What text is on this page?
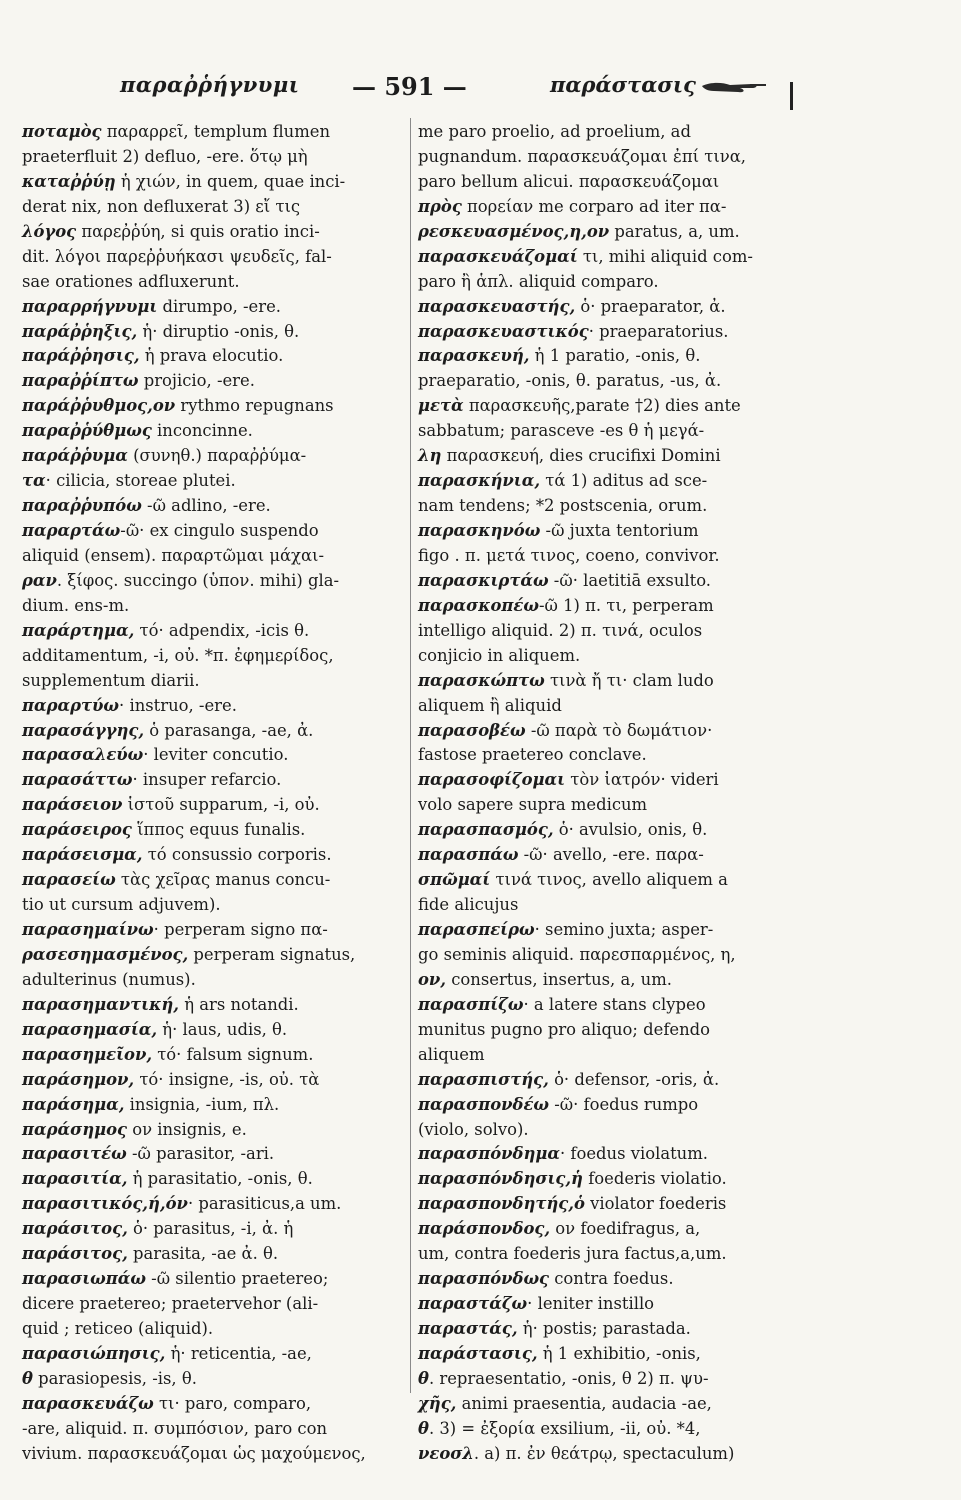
παραῤῥήγνυμι — 591 —	παράστασις
ποταμὸς παραρρεῖ, templum flumen
praeterfluit 2) defluo, -ere. ὅτῳ μὴ
καταῤῥύῃ ἡ χιών, in quem, quae inci-
derat nix, non defluxerat 3) εἴ τις
λόγος παρεῤῥύη, si quis oratio inci-
dit. λόγοι παρεῤῥυήκασι ψευδεῖς, fal-
sae orationes adfluxerunt.
παραρρήγνυμι dirumpo, -ere.
παράῤῥηξις, ἡ· diruptio -onis, θ.
παράῤῥησις, ἡ prava elocutio.
παραῤῥίπτω projicio, -ere.
παράῤῥυθμος,ον rythmo repugnans
παραῤῥύθμως inconcinne.
παράῤῥυμα (συνηθ.) παραῤῥύμα-
τα· cilicia, storeae plutei.
παραῤῥυπόω -ῶ adlino, -ere.
παραρτάω-ῶ· ex cingulo suspendo
aliquid (ensem). παραρτῶμαι μάχαι-
ραν. ξίφος. succingo (ὑπον. mihi) gla-
dium. ens-m.
παράρτημα, τό· adpendix, -icis θ.
additamentum, -i, οὐ. *π. ἐφημερίδος,
supplementum diarii.
παραρτύω· instruo, -ere.
παρασάγγης, ὁ parasanga, -ae, ἀ.
παρασαλεύω· leviter concutio.
παρασάττω· insuper refarcio.
παράσειον ἱστοῦ supparum, -i, οὐ.
παράσειρος ἵππος equus funalis.
παράσεισμα, τό consussio corporis.
παρασείω τὰς χεῖρας manus concu-
tio ut cursum adjuvem).
παρασημαίνω· perperam signo πα-
ρασεσημασμένος, perperam signatus,
adulterinus (numus).
παρασημαντική, ἡ ars notandi.
παρασημασία, ἡ· laus, udis, θ.
παρασημεῖον, τό· falsum signum.
παράσημον, τό· insigne, -is, οὐ. τὰ
παράσημα, insignia, -ium, πλ.
παράσημος ον insignis, e.
παρασιτέω -ῶ parasitor, -ari.
παρασιτία, ἡ parasitatio, -onis, θ.
παρασιτικός,ή,όν· parasiticus,a um.
παράσιτος, ὁ· parasitus, -i, ἀ. ἡ
παράσιτος, parasita, -ae ἀ. θ.
παρασιωπάω -ῶ silentio praetereo;
dicere praetereo; praetervehor (ali-
quid ; reticeo (aliquid).
παρασιώπησις, ἡ· reticentia, -ae,
θ parasiopesis, -is, θ.
παρασκευάζω τι· paro, comparo,
-are, aliquid. π. συμπόσιον, paro con
vivium. παρασκευάζομαι ὡς μαχούμενος,
me paro proelio, ad proelium, ad
pugnandum. παρασκευάζομαι ἐπί τινα,
paro bellum alicui. παρασκευάζομαι
πρὸς πορείαν me corparo ad iter πα-
ρεσκευασμένος,η,ον paratus, a, um.
παρασκευάζομαί τι, mihi aliquid com-
paro ἢ ἁπλ. aliquid comparo.
παρασκευαστής, ὁ· praeparator, ἀ.
παρασκευαστικός· praeparatorius.
παρασκευή, ἡ 1 paratio, -onis, θ.
praeparatio, -onis, θ. paratus, -us, ἀ.
μετὰ παρασκευῆς,parate †2) dies ante
sabbatum; parasceve -es θ ἡ μεγά-
λη παρασκευή, dies crucifixi Domini
παρασκήνια, τά 1) aditus ad sce-
nam tendens; *2 postscenia, orum.
παρασκηνόω -ῶ juxta tentorium
figo . π. μετά τινος, coeno, convivor.
παρασκιρτάω -ῶ· laetitiā exsulto.
παρασκοπέω-ῶ 1) π. τι, perperam
intelligo aliquid. 2) π. τινά, oculos
conjicio in aliquem.
παρασκώπτω τινὰ ἤ τι· clam ludo
aliquem ἢ aliquid
παρασοβέω -ῶ παρὰ τὸ δωμάτιον·
fastose praetereo conclave.
παρασοφίζομαι τὸν ἰατρόν· videri
volo sapere supra medicum
παρασπασμός, ὁ· avulsio, onis, θ.
παρασπάω -ῶ· avello, -ere. παρα-
σπῶμαί τινά τινος, avello aliquem a
fide alicujus
παρασπείρω· semino juxta; asper-
go seminis aliquid. παρεσπαρμένος, η,
ον, consertus, insertus, a, um.
παρασπίζω· a latere stans clypeo
munitus pugno pro aliquo; defendo
aliquem
παρασπιστής, ὁ· defensor, -oris, ἀ.
παρασπονδέω -ῶ· foedus rumpo
(violo, solvo).
παρασπόνδημα· foedus violatum.
παρασπόνδησις,ἡ foederis violatio.
παρασπονδητής,ὁ violator foederis
παράσπονδος, ον foedifragus, a,
um, contra foederis jura factus,a,um.
παρασπόνδως contra foedus.
παραστάζω· leniter instillo
παραστάς, ἡ· postis; parastada.
παράστασις, ἡ 1 exhibitio, -onis,
θ. repraesentatio, -onis, θ 2) π. ψυ-
χῆς, animi praesentia, audacia -ae,
θ. 3) = ἐξορία exsilium, -ii, οὐ. *4,
νεοσλ. a) π. ἐν θεάτρῳ, spectaculum)
